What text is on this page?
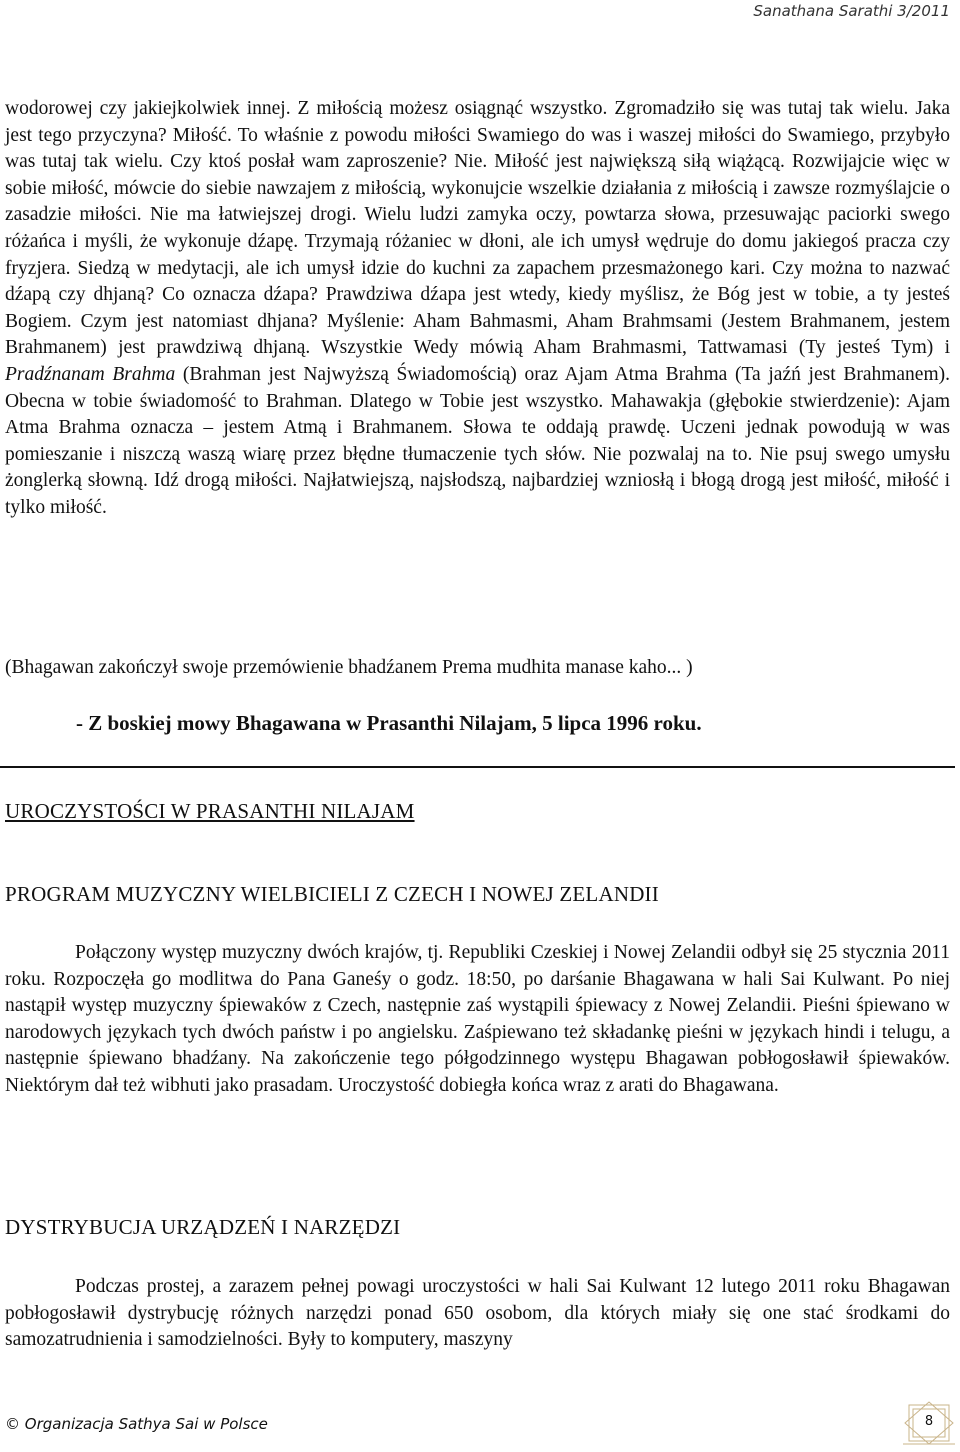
Sanathana Sarathi 3/2011
wodorowej czy jakiejkolwiek innej. Z miłością możesz osiągnąć wszystko. Zgromadziło się was tutaj tak wielu. Jaka jest tego przyczyna? Miłość. To właśnie z powodu miłości Swamiego do was i waszej miłości do Swamiego, przybyło was tutaj tak wielu. Czy ktoś posłał wam zaproszenie? Nie. Miłość jest największą siłą wiążącą. Rozwijajcie więc w sobie miłość, mówcie do siebie nawzajem z miłością, wykonujcie wszelkie działania z miłością i zawsze rozmyślajcie o zasadzie miłości. Nie ma łatwiejszej drogi. Wielu ludzi zamyka oczy, powtarza słowa, przesuwając paciorki swego różańca i myśli, że wykonuje dźapę. Trzymają różaniec w dłoni, ale ich umysł wędruje do domu jakiegoś pracza czy fryzjera. Siedzą w medytacji, ale ich umysł idzie do kuchni za zapachem przesmażonego kari. Czy można to nazwać dźapą czy dhjaną? Co oznacza dźapa? Prawdziwa dźapa jest wtedy, kiedy myślisz, że Bóg jest w tobie, a ty jesteś Bogiem. Czym jest natomiast dhjana? Myślenie: Aham Bahmasmi, Aham Brahmsami (Jestem Brahmanem, jestem Brahmanem) jest prawdziwą dhjaną. Wszystkie Wedy mówią Aham Brahmasmi, Tattwamasi (Ty jesteś Tym) i Pradźnanam Brahma (Brahman jest Najwyższą Świadomością) oraz Ajam Atma Brahma (Ta jaźń jest Brahmanem). Obecna w tobie świadomość to Brahman. Dlatego w Tobie jest wszystko. Mahawakja (głębokie stwierdzenie): Ajam Atma Brahma oznacza – jestem Atmą i Brahmanem. Słowa te oddają prawdę. Uczeni jednak powodują w was pomieszanie i niszczą waszą wiarę przez błędne tłumaczenie tych słów. Nie pozwalaj na to. Nie psuj swego umysłu żonglerką słowną. Idź drogą miłości. Najłatwiejszą, najsłodszą, najbardziej wzniosłą i błogą drogą jest miłość, miłość i tylko miłość.
(Bhagawan zakończył swoje przemówienie bhadźanem Prema mudhita manase kaho... )
- Z boskiej mowy Bhagawana w Prasanthi Nilajam, 5 lipca 1996 roku.
UROCZYSTOŚCI W PRASANTHI NILAJAM
PROGRAM MUZYCZNY WIELBICIELI Z CZECH I NOWEJ ZELANDII
Połączony występ muzyczny dwóch krajów, tj. Republiki Czeskiej i Nowej Zelandii odbył się 25 stycznia 2011 roku. Rozpoczęła go modlitwa do Pana Ganeśy o godz. 18:50, po darśanie Bhagawana w hali Sai Kulwant. Po niej nastąpił występ muzyczny śpiewaków z Czech, następnie zaś wystąpili śpiewacy z Nowej Zelandii. Pieśni śpiewano w narodowych językach tych dwóch państw i po angielsku. Zaśpiewano też składankę pieśni w językach hindi i telugu, a następnie śpiewano bhadźany. Na zakończenie tego półgodzinnego występu Bhagawan pobłogosławił śpiewaków. Niektórym dał też wibhuti jako prasadam. Uroczystość dobiegła końca wraz z arati do Bhagawana.
DYSTRYBUCJA URZĄDZEŃ I NARZĘDZI
Podczas prostej, a zarazem pełnej powagi uroczystości w hali Sai Kulwant 12 lutego 2011 roku Bhagawan pobłogosławił dystrybucję różnych narzędzi ponad 650 osobom, dla których miały się one stać środkami do samozatrudnienia i samodzielności. Były to komputery, maszyny
© Organizacja Sathya Sai w Polsce	8
